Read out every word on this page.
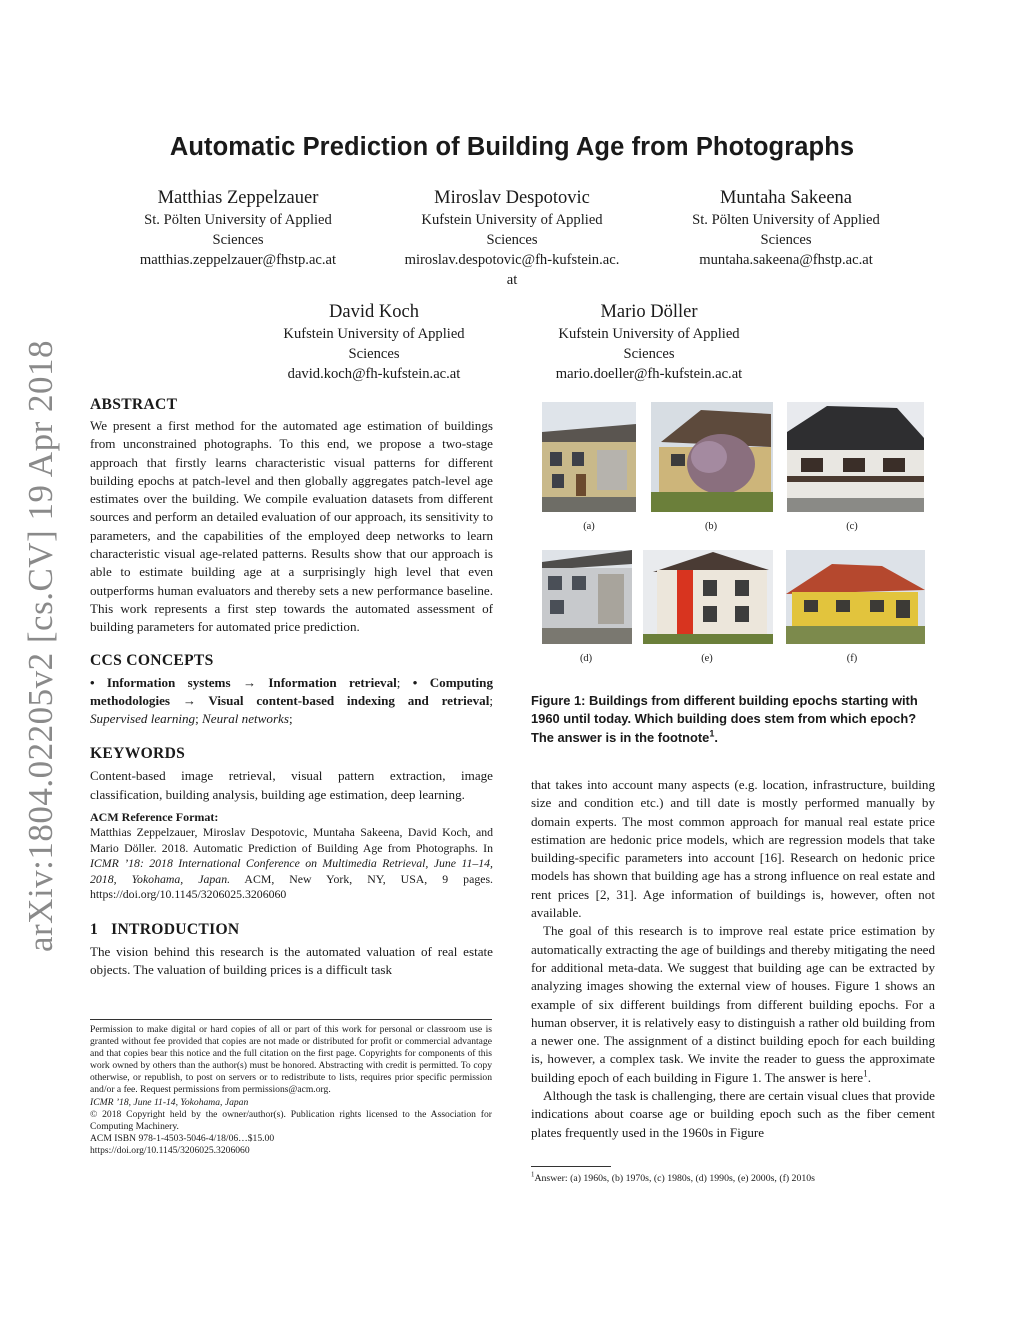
arXiv:1804.02205v2 [cs.CV] 19 Apr 2018
Automatic Prediction of Building Age from Photographs
Matthias Zeppelzauer
St. Pölten University of Applied
Sciences
matthias.zeppelzauer@fhstp.ac.at
Miroslav Despotovic
Kufstein University of Applied
Sciences
miroslav.despotovic@fh-kufstein.ac.
at
Muntaha Sakeena
St. Pölten University of Applied
Sciences
muntaha.sakeena@fhstp.ac.at
David Koch
Kufstein University of Applied
Sciences
david.koch@fh-kufstein.ac.at
Mario Döller
Kufstein University of Applied
Sciences
mario.doeller@fh-kufstein.ac.at
ABSTRACT

We present a first method for the automated age estimation of buildings from unconstrained photographs. To this end, we propose a two-stage approach that firstly learns characteristic visual patterns for different building epochs at patch-level and then globally aggregates patch-level age estimates over the building. We compile evaluation datasets from different sources and perform an detailed evaluation of our approach, its sensitivity to parameters, and the capabilities of the employed deep networks to learn characteristic visual age-related patterns. Results show that our approach is able to estimate building age at a surprisingly high level that even outperforms human evaluators and thereby sets a new performance baseline. This work represents a first step towards the automated assessment of building parameters for automated price prediction.

CCS CONCEPTS

• Information systems → Information retrieval; • Computing methodologies → Visual content-based indexing and retrieval; Supervised learning; Neural networks;

KEYWORDS

Content-based image retrieval, visual pattern extraction, image classification, building analysis, building age estimation, deep learning.

ACM Reference Format:

Matthias Zeppelzauer, Miroslav Despotovic, Muntaha Sakeena, David Koch, and Mario Döller. 2018. Automatic Prediction of Building Age from Photographs. In ICMR ’18: 2018 International Conference on Multimedia Retrieval, June 11–14, 2018, Yokohama, Japan. ACM, New York, NY, USA, 9 pages. https://doi.org/10.1145/3206025.3206060

1 INTRODUCTION

The vision behind this research is the automated valuation of real estate objects. The valuation of building prices is a difficult task

Permission to make digital or hard copies of all or part of this work for personal or classroom use is granted without fee provided that copies are not made or distributed for profit or commercial advantage and that copies bear this notice and the full citation on the first page. Copyrights for components of this work owned by others than the author(s) must be honored. Abstracting with credit is permitted. To copy otherwise, or republish, to post on servers or to redistribute to lists, requires prior specific permission and/or a fee. Request permissions from permissions@acm.org.

ICMR ’18, June 11-14, Yokohama, Japan

© 2018 Copyright held by the owner/author(s). Publication rights licensed to the Association for Computing Machinery.

ACM ISBN 978-1-4503-5046-4/18/06…$15.00

https://doi.org/10.1145/3206025.3206060

(a)	(b)	(c)
(d)	(e)	(f)
Figure 1: Buildings from different building epochs starting with 1960 until today. Which building does stem from which epoch? The answer is in the footnote$^1$.

that takes into account many aspects (e.g. location, infrastructure, building size and condition etc.) and till date is mostly performed manually by domain experts. The most common approach for manual real estate price estimation are hedonic price models, which are regression models that take building-specific parameters into account [16]. Research on hedonic price models has shown that building age has a strong influence on real estate and rent prices [2, 31]. Age information of buildings is, however, often not available.

The goal of this research is to improve real estate price estimation by automatically extracting the age of buildings and thereby mitigating the need for additional meta-data. We suggest that building age can be extracted by analyzing images showing the external view of houses. Figure 1 shows an example of six different buildings from different building epochs. For a human observer, it is relatively easy to distinguish a rather old building from a newer one. The assignment of a distinct building epoch for each building is, however, a complex task. We invite the reader to guess the approximate building epoch of each building in Figure 1. The answer is here$^1$.

Although the task is challenging, there are certain visual clues that provide indications about coarse age or building epoch such as the fiber cement plates frequently used in the 1960s in Figure

$^1$Answer: (a) 1960s, (b) 1970s, (c) 1980s, (d) 1990s, (e) 2000s, (f) 2010s
